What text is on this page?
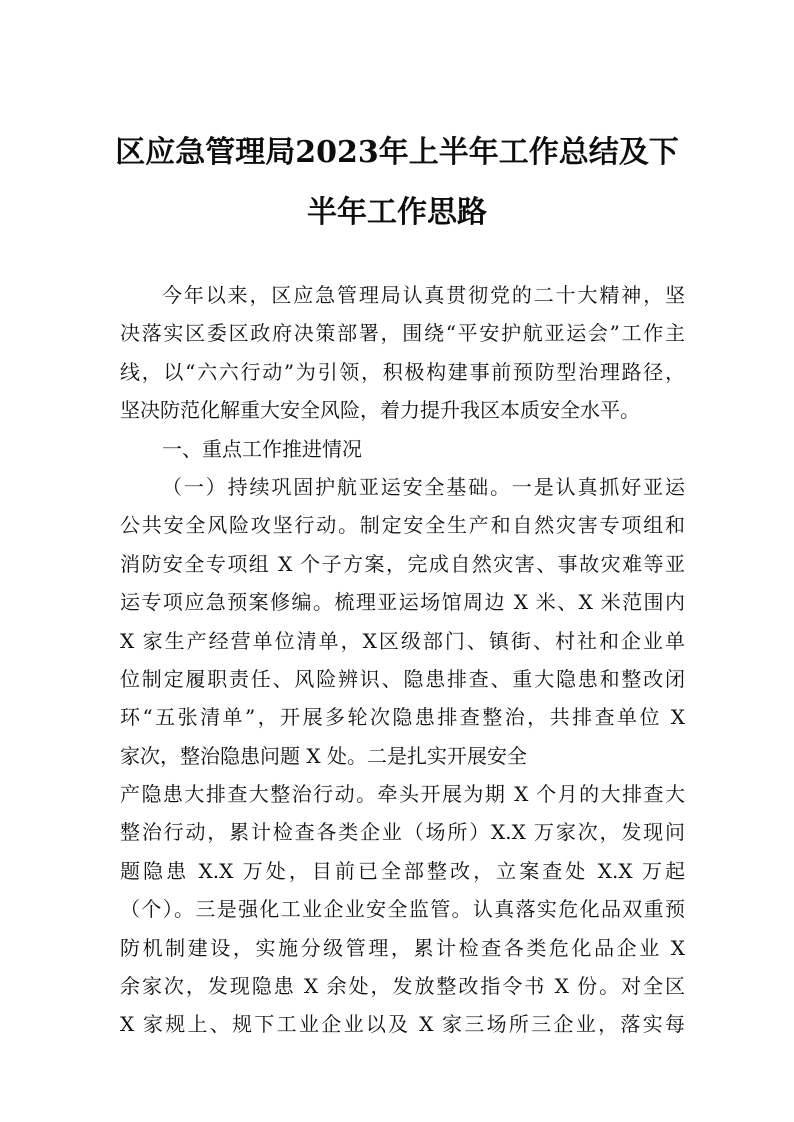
区应急管理局2023年上半年工作总结及下
半年工作思路
今年以来，区应急管理局认真贯彻党的二十大精神，坚
决落实区委区政府决策部署，围绕“平安护航亚运会”工作主
线，以“六六行动”为引领，积极构建事前预防型治理路径，
坚决防范化解重大安全风险，着力提升我区本质安全水平。
一、重点工作推进情况
（一）持续巩固护航亚运安全基础。一是认真抓好亚运
公共安全风险攻坚行动。制定安全生产和自然灾害专项组和
消防安全专项组 X 个子方案，完成自然灾害、事故灾难等亚
运专项应急预案修编。梳理亚运场馆周边 X 米、X 米范围内
X 家生产经营单位清单，X区级部门、镇街、村社和企业单
位制定履职责任、风险辨识、隐患排查、重大隐患和整改闭
环“五张清单”，开展多轮次隐患排查整治，共排查单位 X
家次，整治隐患问题 X 处。二是扎实开展安全
产隐患大排查大整治行动。牵头开展为期 X 个月的大排查大
整治行动，累计检查各类企业（场所）X.X 万家次，发现问
题隐患 X.X 万处，目前已全部整改，立案查处 X.X 万起
（个）。三是强化工业企业安全监管。认真落实危化品双重预
防机制建设，实施分级管理，累计检查各类危化品企业 X
余家次，发现隐患 X 余处，发放整改指令书 X 份。对全区
X 家规上、规下工业企业以及 X 家三场所三企业，落实每
